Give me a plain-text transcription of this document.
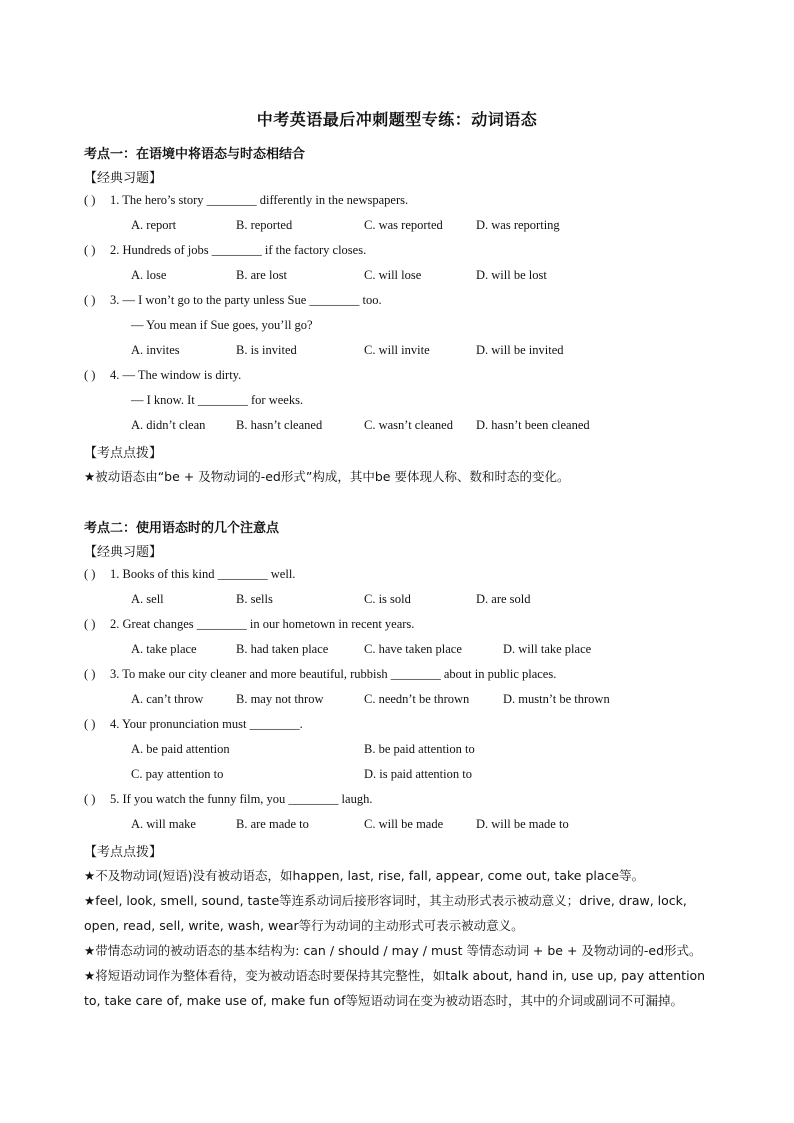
中考英语最后冲刺题型专练：动词语态
考点一：在语境中将语态与时态相结合
【经典习题】
( ) 1. The hero’s story ________ differently in the newspapers.
A. report	B. reported	C. was reported	D. was reporting
( ) 2. Hundreds of jobs ________ if the factory closes.
A. lose	B. are lost	C. will lose	D. will be lost
( ) 3. — I won’t go to the party unless Sue ________ too.
— You mean if Sue goes, you’ll go?
A. invites	B. is invited	C. will invite	D. will be invited
( ) 4. — The window is dirty.
— I know. It ________ for weeks.
A. didn’t clean B. hasn’t cleaned	C. wasn’t cleaned D. hasn’t been cleaned
【考点点拨】
★被动语态由“be + 及物动词的-ed形式”构成，其中be 要体现人称、数和时态的变化。
考点二：使用语态时的几个注意点
【经典习题】
( ) 1. Books of this kind ________ well.
A. sell	B. sells	C. is sold	D. are sold
( ) 2. Great changes ________ in our hometown in recent years.
A. take place	B. had taken place	C. have taken place	D. will take place
( ) 3. To make our city cleaner and more beautiful, rubbish ________ about in public places.
A. can’t throw	B. may not throw	C. needn’t be thrown	D. mustn’t be thrown
( ) 4. Your pronunciation must ________.
A. be paid attention	B. be paid attention to
C. pay attention to	D. is paid attention to
( ) 5. If you watch the funny film, you ________ laugh.
A. will make	B. are made to	C. will be made	D. will be made to
【考点点拨】
★不及物动词(短语)没有被动语态，如happen, last, rise, fall, appear, come out, take place等。
★feel, look, smell, sound, taste等连系动词后接形容词时，其主动形式表示被动意义；drive, draw, lock,
open, read, sell, write, wash, wear等行为动词的主动形式可表示被动意义。
★带情态动词的被动语态的基本结构为: can / should / may / must 等情态动词 + be + 及物动词的-ed形式。
★将短语动词作为整体看待，变为被动语态时要保持其完整性，如talk about, hand in, use up, pay attention
to, take care of, make use of, make fun of等短语动词在变为被动语态时，其中的介词或副词不可漏掉。
